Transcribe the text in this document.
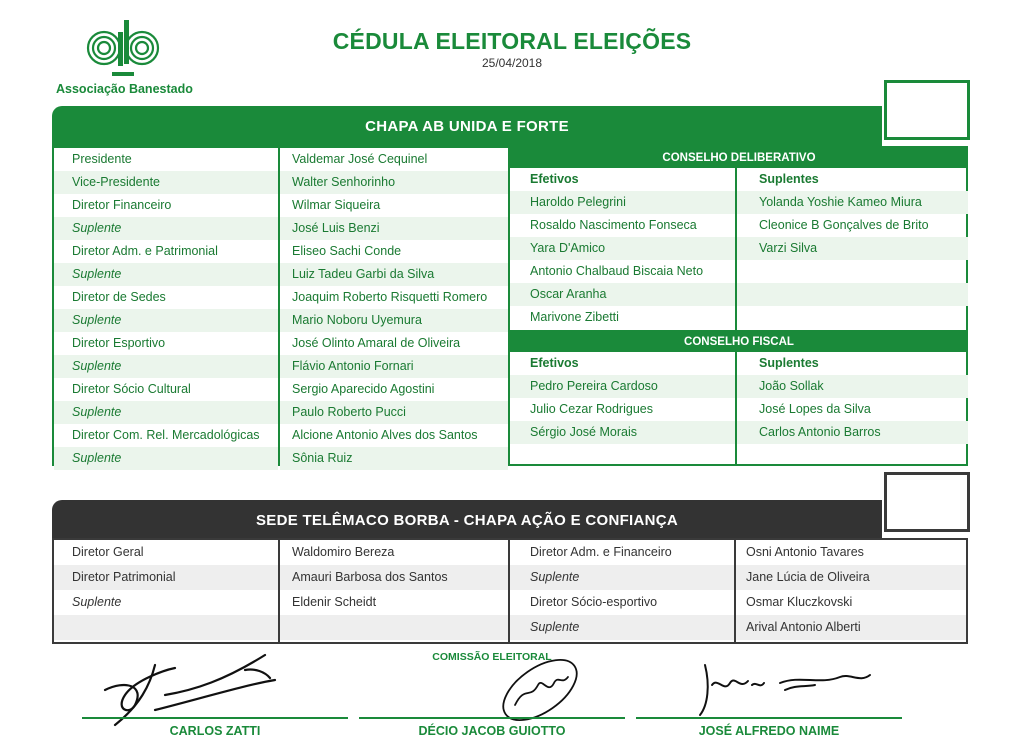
Associação Banestado
CÉDULA ELEITORAL ELEIÇÕES
25/04/2018
CHAPA AB UNIDA E FORTE
Presidente
Vice-Presidente
Diretor Financeiro
Suplente
Diretor Adm. e Patrimonial
Suplente
Diretor de Sedes
Suplente
Diretor Esportivo
Suplente
Diretor Sócio Cultural
Suplente
Diretor Com. Rel. Mercadológicas
Suplente
Valdemar José Cequinel
Walter Senhorinho
Wilmar Siqueira
José Luis Benzi
Eliseo Sachi Conde
Luiz Tadeu Garbi da Silva
Joaquim Roberto Risquetti Romero
Mario Noboru Uyemura
José Olinto Amaral de Oliveira
Flávio Antonio Fornari
Sergio Aparecido Agostini
Paulo Roberto Pucci
Alcione Antonio Alves dos Santos
Sônia Ruiz
CONSELHO DELIBERATIVO
Efetivos
Haroldo Pelegrini
Rosaldo Nascimento Fonseca
Yara D'Amico
Antonio Chalbaud Biscaia Neto
Oscar Aranha
Marivone Zibetti
Suplentes
Yolanda Yoshie Kameo Miura
Cleonice B Gonçalves de Brito
Varzi Silva
CONSELHO FISCAL
Efetivos
Pedro Pereira Cardoso
Julio Cezar Rodrigues
Sérgio José Morais
Suplentes
João Sollak
José Lopes da Silva
Carlos Antonio Barros
SEDE TELÊMACO BORBA - CHAPA AÇÃO E CONFIANÇA
Diretor Geral
Diretor Patrimonial
Suplente
Waldomiro Bereza
Amauri Barbosa dos Santos
Eldenir Scheidt
Diretor Adm. e Financeiro
Suplente
Diretor Sócio-esportivo
Suplente
Osni Antonio Tavares
Jane Lúcia de Oliveira
Osmar Kluczkovski
Arival Antonio Alberti
COMISSÃO ELEITORAL
CARLOS ZATTI	DÉCIO JACOB GUIOTTO	JOSÉ ALFREDO NAIME
